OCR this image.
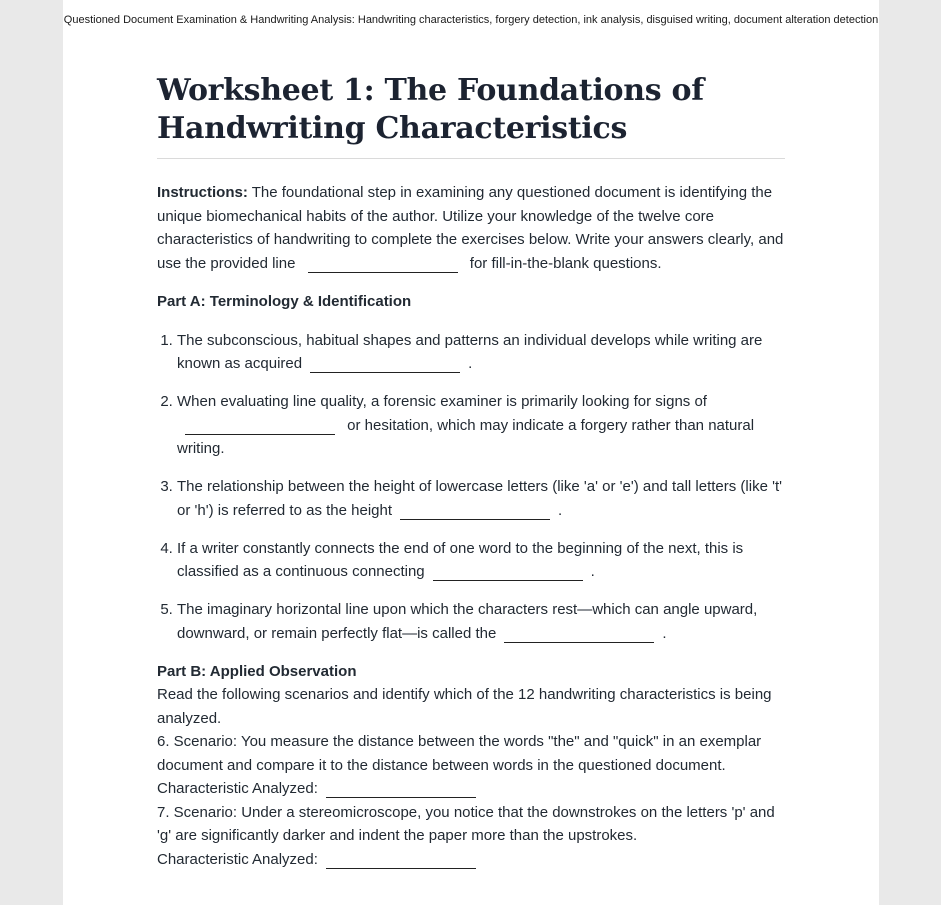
Questioned Document Examination & Handwriting Analysis: Handwriting characteristics, forgery detection, ink analysis, disguised writing, document alteration detection
Worksheet 1: The Foundations of Handwriting Characteristics

Instructions: The foundational step in examining any questioned document is identifying the unique biomechanical habits of the author. Utilize your knowledge of the twelve core characteristics of handwriting to complete the exercises below. Write your answers clearly, and use the provided line	for fill-in-the-blank questions.

Part A: Terminology & Identification

1. The subconscious, habitual shapes and patterns an individual develops while writing are known as acquired	.
2. When evaluating line quality, a forensic examiner is primarily looking for signs of  or hesitation, which may indicate a forgery rather than natural writing.
3. The relationship between the height of lowercase letters (like 'a' or 'e') and tall letters (like 't' or 'h') is referred to as the height	.
4. If a writer constantly connects the end of one word to the beginning of the next, this is classified as a continuous connecting	.
5. The imaginary horizontal line upon which the characters rest—which can angle upward, downward, or remain perfectly flat—is called the	.

Part B: Applied Observation

Read the following scenarios and identify which of the 12 handwriting characteristics is being analyzed.

6. Scenario: You measure the distance between the words "the" and "quick" in an exemplar document and compare it to the distance between words in the questioned document.

Characteristic Analyzed:

7. Scenario: Under a stereomicroscope, you notice that the downstrokes on the letters 'p' and 'g' are significantly darker and indent the paper more than the upstrokes.

Characteristic Analyzed:
